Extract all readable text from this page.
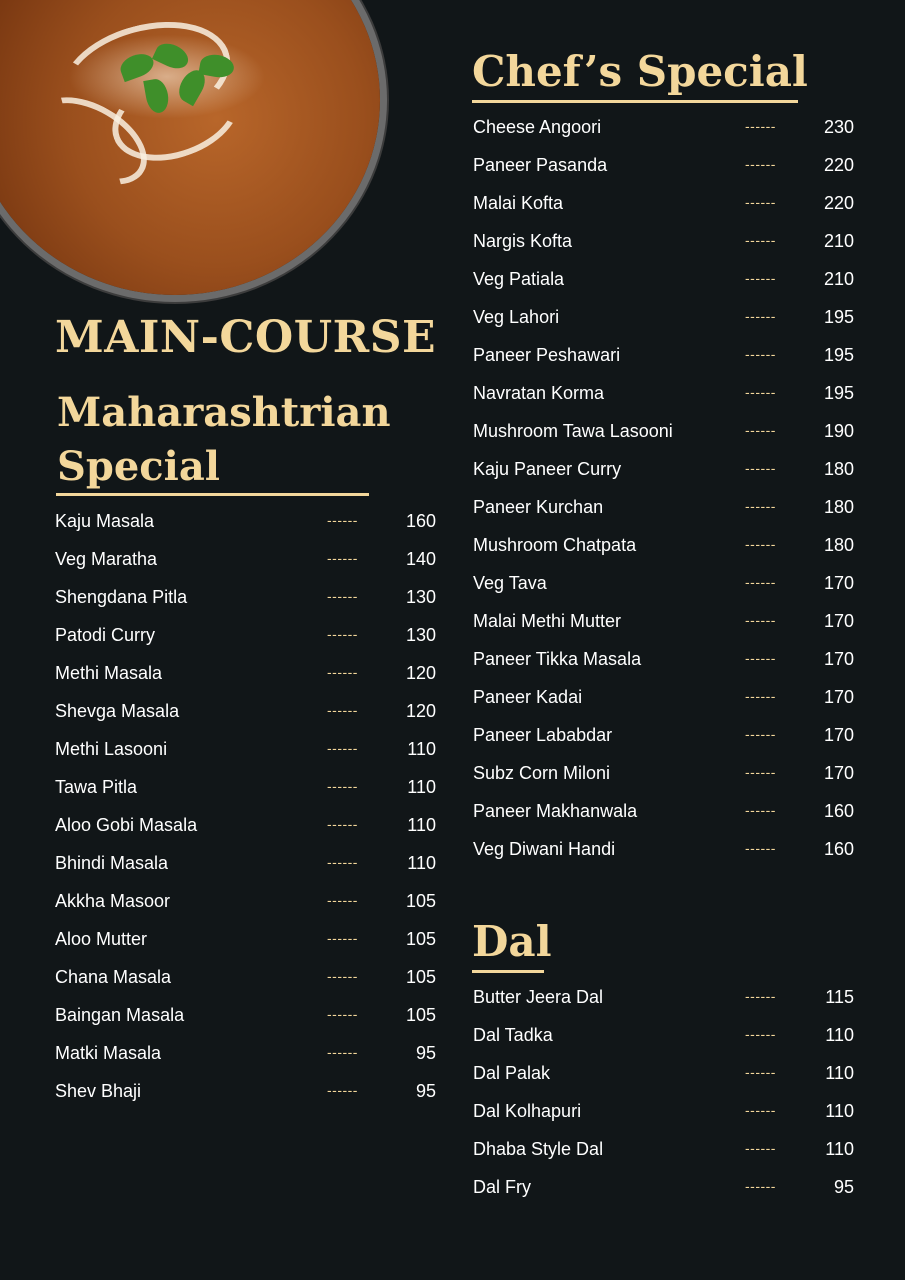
MAIN-COURSE
Maharashtrian Special
Kaju Masala	------	160
Veg Maratha	------	140
Shengdana Pitla	------	130
Patodi Curry	------	130
Methi Masala	------	120
Shevga Masala	------	120
Methi Lasooni	------	110
Tawa Pitla	------	110
Aloo Gobi Masala	------	110
Bhindi Masala	------	110
Akkha Masoor	------	105
Aloo Mutter	------	105
Chana Masala	------	105
Baingan Masala	------	105
Matki Masala	------	95
Shev Bhaji	------	95
Chef’s Special
Cheese Angoori	------	230
Paneer Pasanda	------	220
Malai Kofta	------	220
Nargis Kofta	------	210
Veg Patiala	------	210
Veg Lahori	------	195
Paneer Peshawari	------	195
Navratan Korma	------	195
Mushroom Tawa Lasooni	------	190
Kaju Paneer Curry	------	180
Paneer Kurchan	------	180
Mushroom Chatpata	------	180
Veg Tava	------	170
Malai Methi Mutter	------	170
Paneer Tikka Masala	------	170
Paneer Kadai	------	170
Paneer Lababdar	------	170
Subz Corn Miloni	------	170
Paneer Makhanwala	------	160
Veg Diwani Handi	------	160
Dal
Butter Jeera Dal	------	115
Dal Tadka	------	110
Dal Palak	------	110
Dal Kolhapuri	------	110
Dhaba Style Dal	------	110
Dal Fry	------	95
